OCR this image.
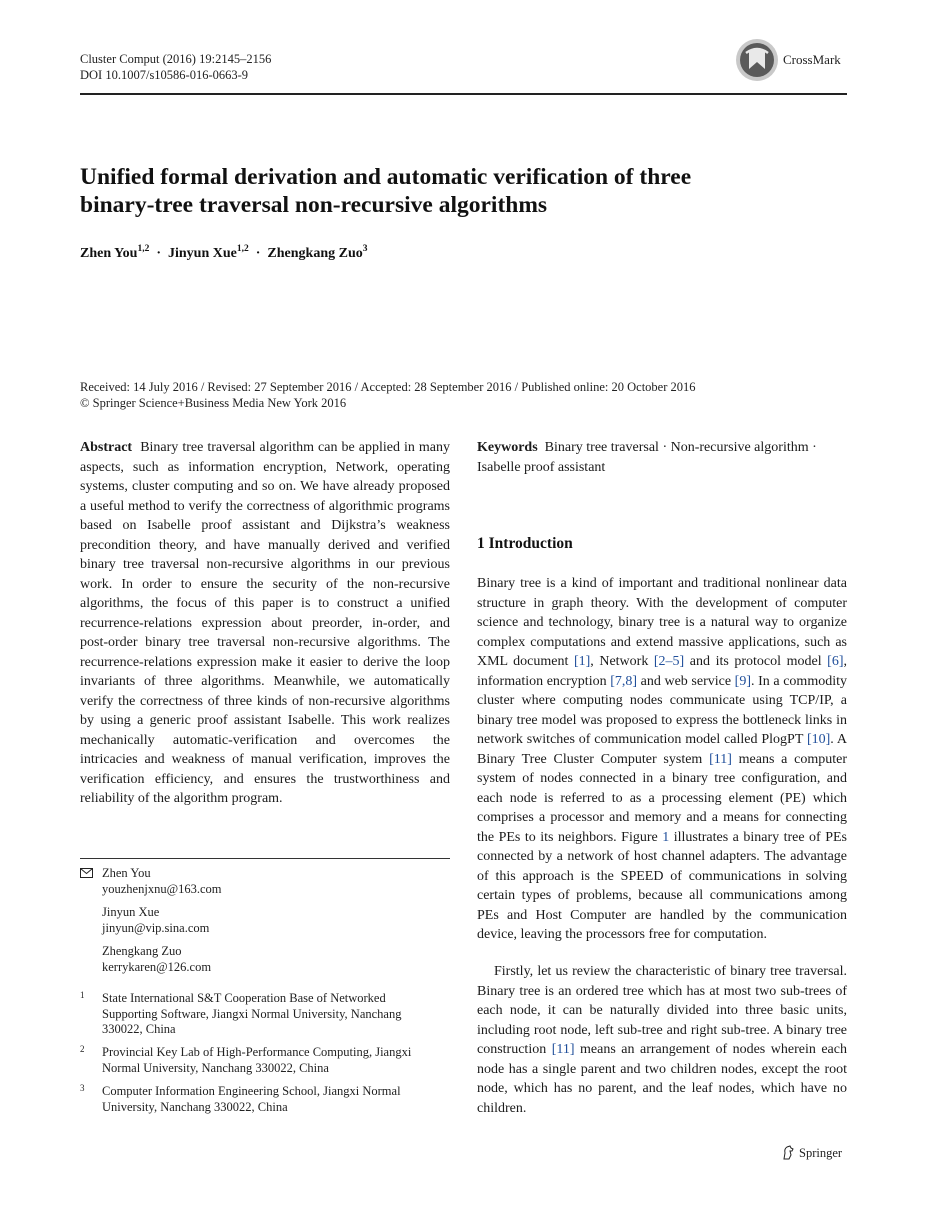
Cluster Comput (2016) 19:2145–2156
DOI 10.1007/s10586-016-0663-9
CrossMark
Unified formal derivation and automatic verification of three
binary-tree traversal non-recursive algorithms
Zhen You$^{1,2}$ · Jinyun Xue$^{1,2}$ · Zhengkang Zuo$^3$
Received: 14 July 2016 / Revised: 27 September 2016 / Accepted: 28 September 2016 / Published online: 20 October 2016
© Springer Science+Business Media New York 2016
Abstract Binary tree traversal algorithm can be applied in many aspects, such as information encryption, Network, operating systems, cluster computing and so on. We have already proposed a useful method to verify the correctness of algorithmic programs based on Isabelle proof assistant and Dijkstra’s weakness precondition theory, and have manually derived and verified binary tree traversal non-recursive algorithms in our previous work. In order to ensure the security of the non-recursive algorithms, the focus of this paper is to construct a unified recurrence-relations expression about preorder, in-order, and post-order binary tree traversal non-recursive algorithms. The recurrence-relations expression make it easier to derive the loop invariants of three algorithms. Meanwhile, we automatically verify the correctness of three kinds of non-recursive algorithms by using a generic proof assistant Isabelle. This work realizes mechanically automatic-verification and overcomes the intricacies and weakness of manual verification, improves the verification efficiency, and ensures the trustworthiness and reliability of the algorithm program.
Zhen You
youzhenjxnu@163.com
Jinyun Xue
jinyun@vip.sina.com
Zhengkang Zuo
kerrykaren@126.com
1 State International S&T Cooperation Base of Networked
Supporting Software, Jiangxi Normal University, Nanchang
330022, China
2 Provincial Key Lab of High-Performance Computing, Jiangxi
Normal University, Nanchang 330022, China
3 Computer Information Engineering School, Jiangxi Normal
University, Nanchang 330022, China
Keywords Binary tree traversal · Non-recursive algorithm · Isabelle proof assistant
1 Introduction
Binary tree is a kind of important and traditional nonlinear data structure in graph theory. With the development of computer science and technology, binary tree is a natural way to organize complex computations and extend massive applications, such as XML document [1], Network [2–5] and its protocol model [6], information encryption [7,8] and web service [9]. In a commodity cluster where computing nodes communicate using TCP/IP, a binary tree model was proposed to express the bottleneck links in network switches of communication model called PlogPT [10]. A Binary Tree Cluster Computer system [11] means a computer system of nodes connected in a binary tree configuration, and each node is referred to as a processing element (PE) which comprises a processor and memory and a means for connecting the PEs to its neighbors. Figure 1 illustrates a binary tree of PEs connected by a network of host channel adapters. The advantage of this approach is the SPEED of communications in solving certain types of problems, because all communications among PEs and Host Computer are handled by the communication device, leaving the processors free for computation.
Firstly, let us review the characteristic of binary tree traversal. Binary tree is an ordered tree which has at most two sub-trees of each node, it can be naturally divided into three basic units, including root node, left sub-tree and right sub-tree. A binary tree construction [11] means an arrangement of nodes wherein each node has a single parent and two children nodes, except the root node, which has no parent, and the leaf nodes, which have no children.
Springer
